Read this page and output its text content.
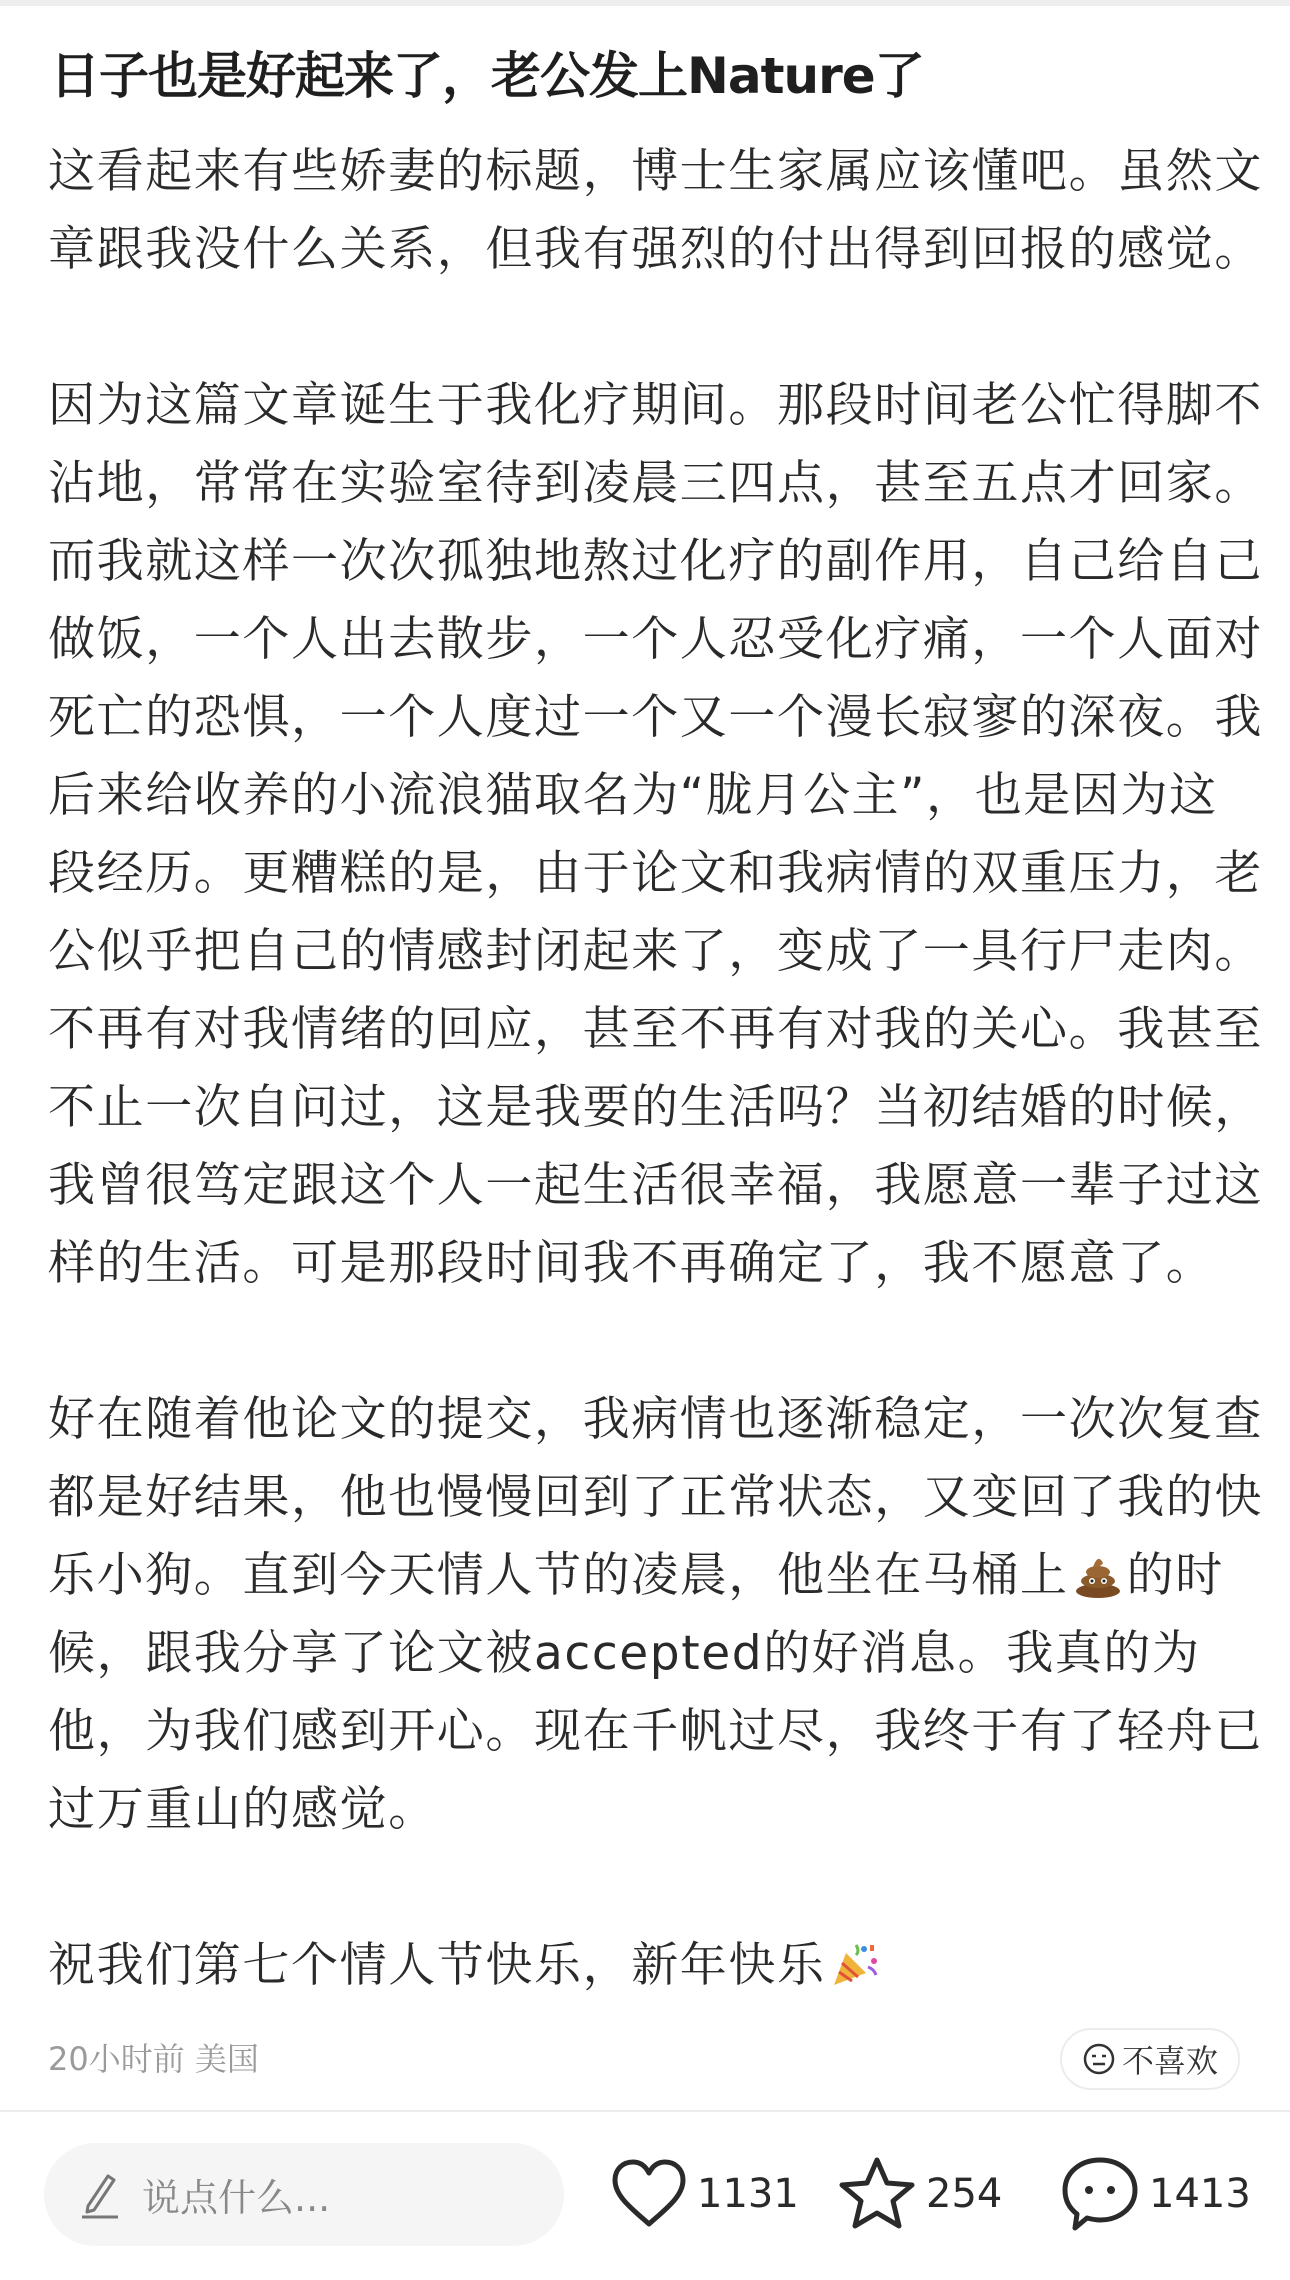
日子也是好起来了，老公发上Nature了
这看起来有些娇妻的标题，博士生家属应该懂吧。虽然文
章跟我没什么关系，但我有强烈的付出得到回报的感觉。
因为这篇文章诞生于我化疗期间。那段时间老公忙得脚不
沾地，常常在实验室待到凌晨三四点，甚至五点才回家。
而我就这样一次次孤独地熬过化疗的副作用，自己给自己
做饭，一个人出去散步，一个人忍受化疗痛，一个人面对
死亡的恐惧，一个人度过一个又一个漫长寂寥的深夜。我
后来给收养的小流浪猫取名为“胧月公主”，也是因为这
段经历。更糟糕的是，由于论文和我病情的双重压力，老
公似乎把自己的情感封闭起来了，变成了一具行尸走肉。
不再有对我情绪的回应，甚至不再有对我的关心。我甚至
不止一次自问过，这是我要的生活吗？当初结婚的时候，
我曾很笃定跟这个人一起生活很幸福，我愿意一辈子过这
样的生活。可是那段时间我不再确定了，我不愿意了。
好在随着他论文的提交，我病情也逐渐稳定，一次次复查
都是好结果，他也慢慢回到了正常状态，又变回了我的快
乐小狗。直到今天情人节的凌晨，他坐在马桶上 的时
候，跟我分享了论文被accepted的好消息。我真的为
他，为我们感到开心。现在千帆过尽，我终于有了轻舟已
过万重山的感觉。
祝我们第七个情人节快乐，新年快乐
20小时前 美国	不喜欢
说点什么...	1131	254	1413
